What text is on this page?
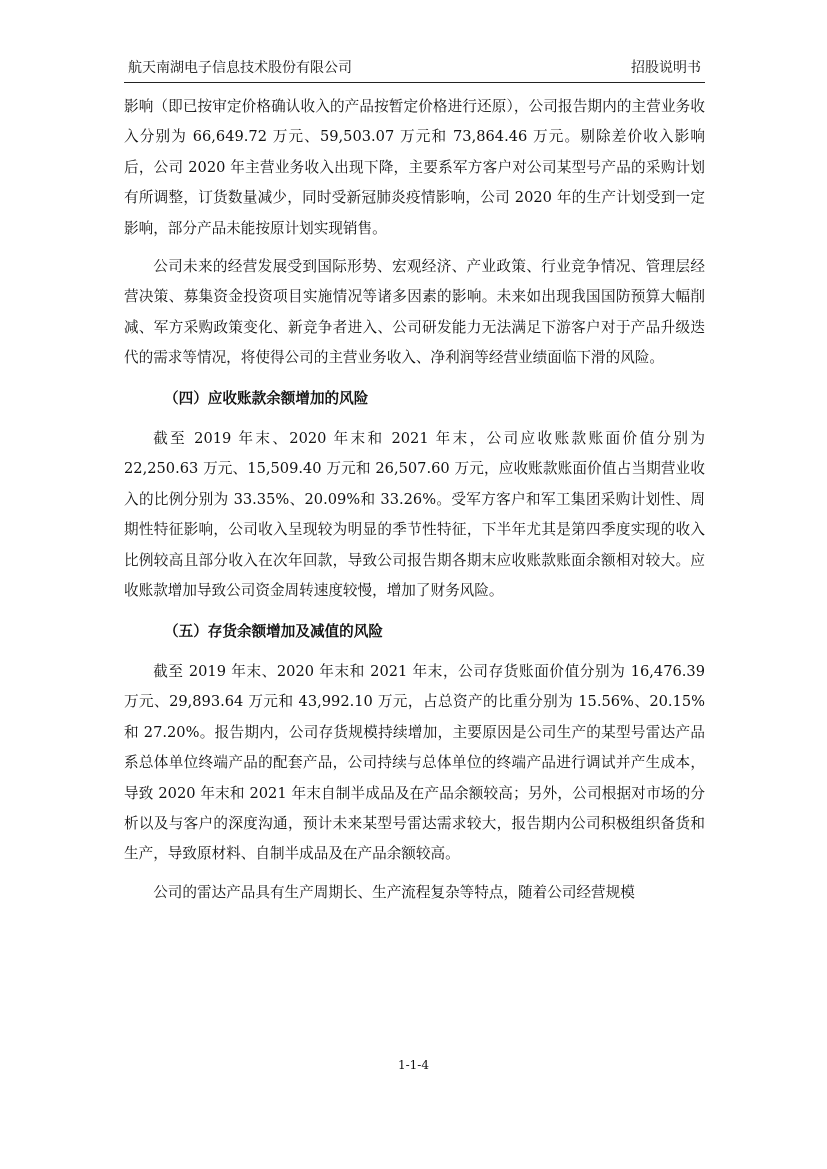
航天南湖电子信息技术股份有限公司	招股说明书

影响（即已按审定价格确认收入的产品按暂定价格进行还原），公司报告期内的主营业务收入分别为 66,649.72 万元、59,503.07 万元和 73,864.46 万元。剔除差价收入影响后，公司 2020 年主营业务收入出现下降，主要系军方客户对公司某型号产品的采购计划有所调整，订货数量减少，同时受新冠肺炎疫情影响，公司 2020 年的生产计划受到一定影响，部分产品未能按原计划实现销售。

公司未来的经营发展受到国际形势、宏观经济、产业政策、行业竞争情况、管理层经营决策、募集资金投资项目实施情况等诸多因素的影响。未来如出现我国国防预算大幅削减、军方采购政策变化、新竞争者进入、公司研发能力无法满足下游客户对于产品升级迭代的需求等情况，将使得公司的主营业务收入、净利润等经营业绩面临下滑的风险。

（四）应收账款余额增加的风险

截至 2019 年末、2020 年末和 2021 年末，公司应收账款账面价值分别为 22,250.63 万元、15,509.40 万元和 26,507.60 万元，应收账款账面价值占当期营业收入的比例分别为 33.35%、20.09%和 33.26%。受军方客户和军工集团采购计划性、周期性特征影响，公司收入呈现较为明显的季节性特征，下半年尤其是第四季度实现的收入比例较高且部分收入在次年回款，导致公司报告期各期末应收账款账面余额相对较大。应收账款增加导致公司资金周转速度较慢，增加了财务风险。

（五）存货余额增加及减值的风险

截至 2019 年末、2020 年末和 2021 年末，公司存货账面价值分别为 16,476.39 万元、29,893.64 万元和 43,992.10 万元，占总资产的比重分别为 15.56%、20.15% 和 27.20%。报告期内，公司存货规模持续增加，主要原因是公司生产的某型号雷达产品系总体单位终端产品的配套产品，公司持续与总体单位的终端产品进行调试并产生成本，导致 2020 年末和 2021 年末自制半成品及在产品余额较高；另外，公司根据对市场的分析以及与客户的深度沟通，预计未来某型号雷达需求较大，报告期内公司积极组织备货和生产，导致原材料、自制半成品及在产品余额较高。

公司的雷达产品具有生产周期长、生产流程复杂等特点，随着公司经营规模

1-1-4
